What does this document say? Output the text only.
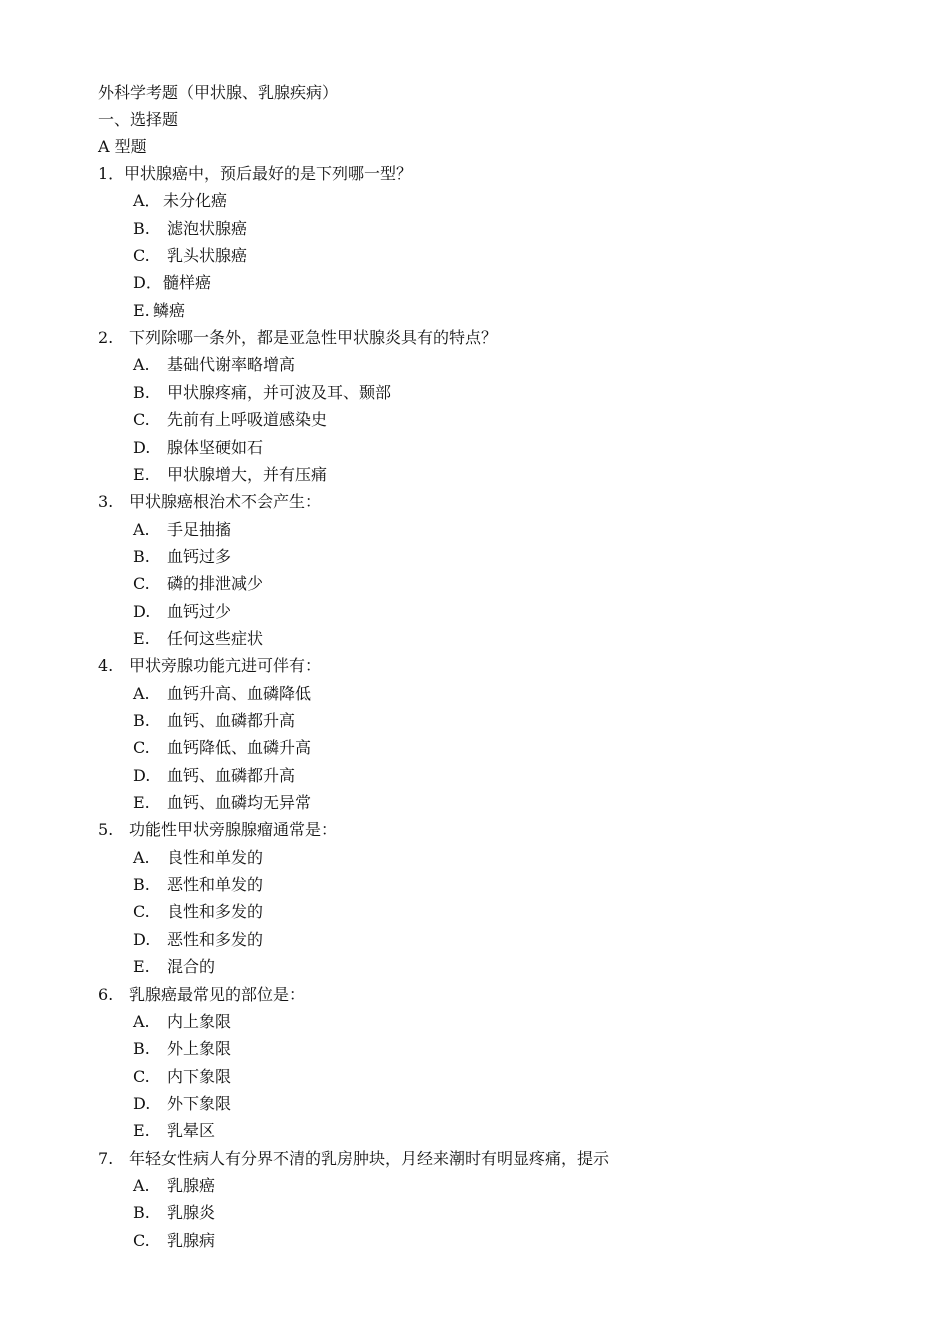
外科学考题（甲状腺、乳腺疾病）
一、选择题
A 型题
1． 甲状腺癌中，预后最好的是下列哪一型？
A． 未分化癌
B. 滤泡状腺癌
C. 乳头状腺癌
D． 髓样癌
E. 鳞癌
2. 下列除哪一条外，都是亚急性甲状腺炎具有的特点？
A. 基础代谢率略增高
B. 甲状腺疼痛，并可波及耳、颞部
C. 先前有上呼吸道感染史
D. 腺体坚硬如石
E. 甲状腺增大，并有压痛
3. 甲状腺癌根治术不会产生：
A. 手足抽搐
B. 血钙过多
C. 磷的排泄减少
D. 血钙过少
E. 任何这些症状
4. 甲状旁腺功能亢进可伴有：
A. 血钙升高、血磷降低
B. 血钙、血磷都升高
C. 血钙降低、血磷升高
D. 血钙、血磷都升高
E. 血钙、血磷均无异常
5. 功能性甲状旁腺腺瘤通常是：
A. 良性和单发的
B. 恶性和单发的
C. 良性和多发的
D. 恶性和多发的
E. 混合的
6. 乳腺癌最常见的部位是：
A. 内上象限
B. 外上象限
C. 内下象限
D. 外下象限
E. 乳晕区
7. 年轻女性病人有分界不清的乳房肿块，月经来潮时有明显疼痛，提示
A. 乳腺癌
B. 乳腺炎
C. 乳腺病
